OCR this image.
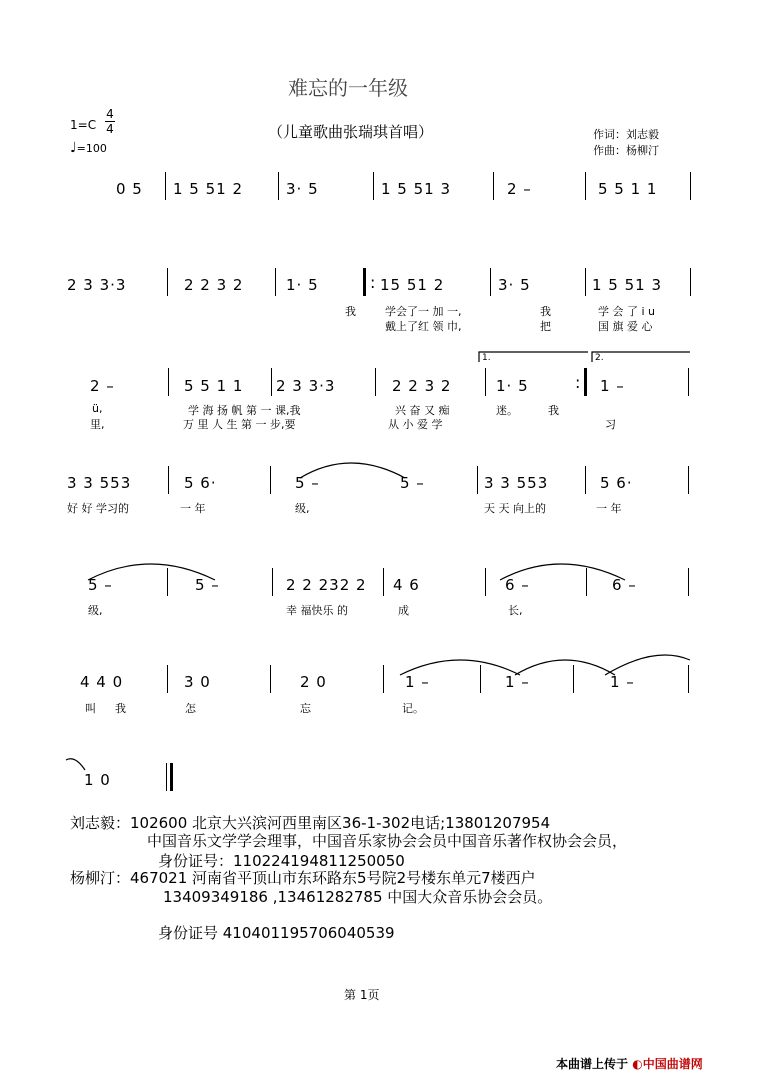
难忘的一年级
（儿童歌曲张瑞琪首唱）
1=C
4
4
♩=100
作词：刘志毅
作曲：杨柳汀
0 5 1 5 51 2	3· 5	1 5 51 3	2 –	5 5 1 1
2 3 3·3	2 2 3 2	1· 5	: 15 51 2	3· 5	1 5 51 3
我	学会了一 加 一,	我	学 会 了 i u
戴上了红 领 巾,	把	国 旗 爱 心
1.	2.
2 –	5 5 1 1 2 3 3·3	2 2 3 2	1· 5	: 1 –
ü,	学 海 扬 帆 第 一 课,我	兴 奋 又 痴	迷。	我
里,	万 里 人 生 第 一 步,要	从 小 爱 学	习
3 3 553	5 6·	5 –	5 –	3 3 553	5 6·
好 好 学习的	一 年	级,	天 天 向上的	一 年
5 –	5 –	2 2 232 2 4 6	6 –	6 –
级,	幸 福快乐 的	成	长,
4 4 0	3 0	2 0	1 –	1 –	1 –
叫 我	怎	忘	记。
1 0
刘志毅：102600 北京大兴滨河西里南区36-1-302电话;13801207954
中国音乐文学学会理事，中国音乐家协会会员中国音乐著作权协会会员，
身份证号：110224194811250050
杨柳汀：467021 河南省平顶山市东环路东5号院2号楼东单元7楼西户
13409349186 ,13461282785 中国大众音乐协会会员。
身份证号 410401195706040539
第 1页
本曲谱上传于 ◐中国曲谱网
